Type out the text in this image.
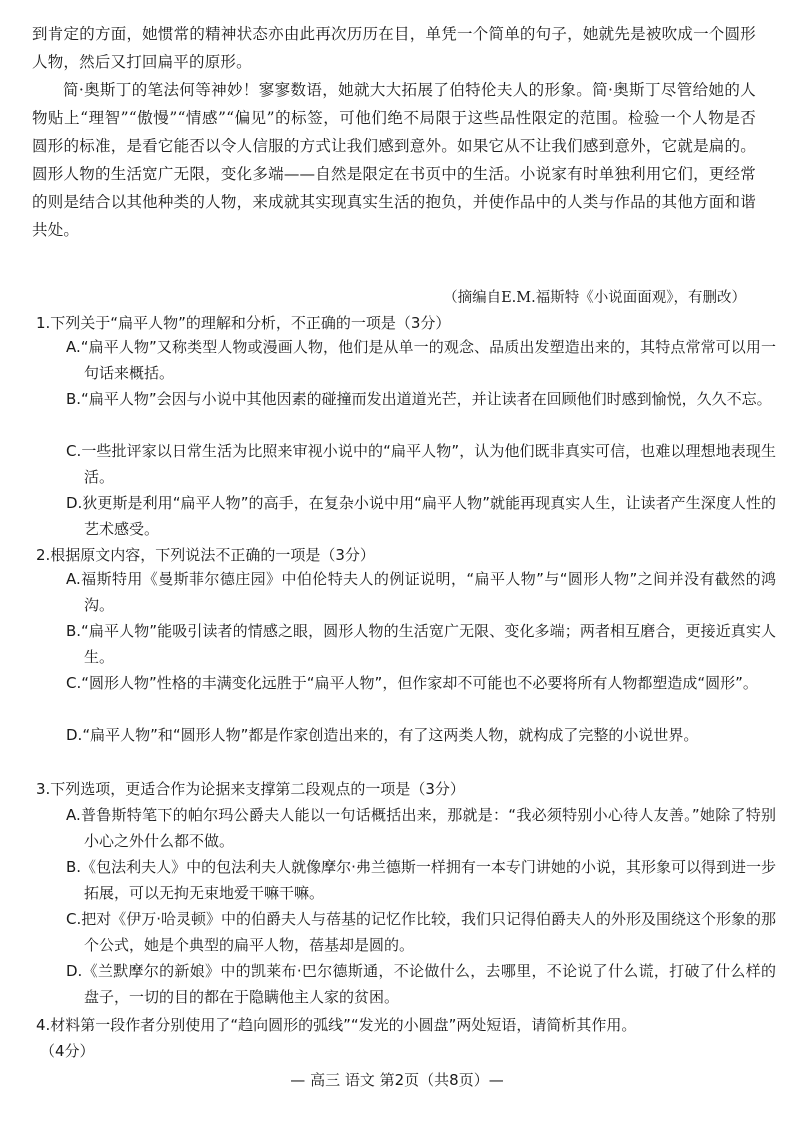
到肯定的方面，她惯常的精神状态亦由此再次历历在目，单凭一个简单的句子，她就先是被吹成一个圆形人物，然后又打回扁平的原形。
简·奥斯丁的笔法何等神妙！寥寥数语，她就大大拓展了伯特伦夫人的形象。简·奥斯丁尽管给她的人物贴上“理智”“傲慢”“情感”“偏见”的标签，可他们绝不局限于这些品性限定的范围。检验一个人物是否圆形的标准，是看它能否以令人信服的方式让我们感到意外。如果它从不让我们感到意外，它就是扁的。圆形人物的生活宽广无限，变化多端——自然是限定在书页中的生活。小说家有时单独利用它们，更经常的则是结合以其他种类的人物，来成就其实现真实生活的抱负，并使作品中的人类与作品的其他方面和谐共处。
（摘编自E.M.福斯特《小说面面观》，有删改）
1.下列关于“扁平人物”的理解和分析，不正确的一项是（3分）
A.“扁平人物”又称类型人物或漫画人物，他们是从单一的观念、品质出发塑造出来的，其特点常常可以用一句话来概括。
B.“扁平人物”会因与小说中其他因素的碰撞而发出道道光芒，并让读者在回顾他们时感到愉悦，久久不忘。
C.一些批评家以日常生活为比照来审视小说中的“扁平人物”，认为他们既非真实可信，也难以理想地表现生活。
D.狄更斯是利用“扁平人物”的高手，在复杂小说中用“扁平人物”就能再现真实人生，让读者产生深度人性的艺术感受。
2.根据原文内容，下列说法不正确的一项是（3分）
A.福斯特用《曼斯菲尔德庄园》中伯伦特夫人的例证说明，“扁平人物”与“圆形人物”之间并没有截然的鸿沟。
B.“扁平人物”能吸引读者的情感之眼，圆形人物的生活宽广无限、变化多端；两者相互磨合，更接近真实人生。
C.“圆形人物”性格的丰满变化远胜于“扁平人物”，但作家却不可能也不必要将所有人物都塑造成“圆形”。
D.“扁平人物”和“圆形人物”都是作家创造出来的，有了这两类人物，就构成了完整的小说世界。
3.下列选项，更适合作为论据来支撑第二段观点的一项是（3分）
A.普鲁斯特笔下的帕尔玛公爵夫人能以一句话概括出来，那就是：“我必须特别小心待人友善。”她除了特别小心之外什么都不做。
B.《包法利夫人》中的包法利夫人就像摩尔·弗兰德斯一样拥有一本专门讲她的小说，其形象可以得到进一步拓展，可以无拘无束地爱干嘛干嘛。
C.把对《伊万·哈灵顿》中的伯爵夫人与蓓基的记忆作比较，我们只记得伯爵夫人的外形及围绕这个形象的那个公式，她是个典型的扁平人物，蓓基却是圆的。
D.《兰默摩尔的新娘》中的凯莱布·巴尔德斯通，不论做什么，去哪里，不论说了什么谎，打破了什么样的盘子，一切的目的都在于隐瞒他主人家的贫困。
4.材料第一段作者分别使用了“趋向圆形的弧线”“发光的小圆盘”两处短语，请简析其作用。
（4分）
— 高三 语文 第2页（共8页）—
